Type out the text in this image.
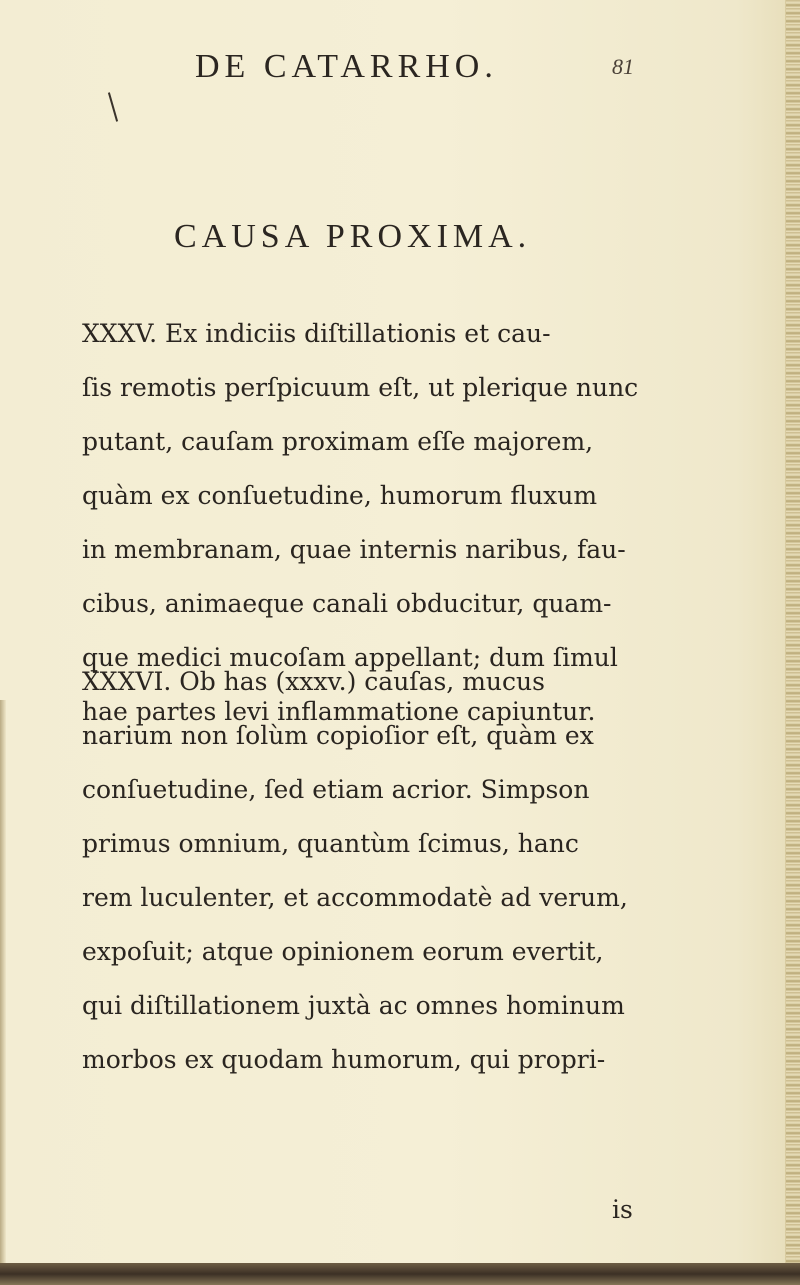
DE CATARRHO.	81
CAUSA PROXIMA.
XXXV. Ex indiciis diſtillationis et cau-
ſis remotis perſpicuum eſt, ut plerique nunc
putant, cauſam proximam eſſe majorem,
quàm ex conſuetudine, humorum fluxum
in membranam, quae internis naribus, fau-
cibus, animaeque canali obducitur, quam-
que medici mucoſam appellant; dum ſimul
hae partes levi inflammatione capiuntur.
XXXVI. Ob has (xxxv.) cauſas, mucus
narium non ſolùm copioſior eſt, quàm ex
conſuetudine, ſed etiam acrior. Simpson
primus omnium, quantùm ſcimus, hanc
rem luculenter, et accommodatè ad verum,
expoſuit; atque opinionem eorum evertit,
qui diſtillationem juxtà ac omnes hominum
morbos ex quodam humorum, qui propri-
is
